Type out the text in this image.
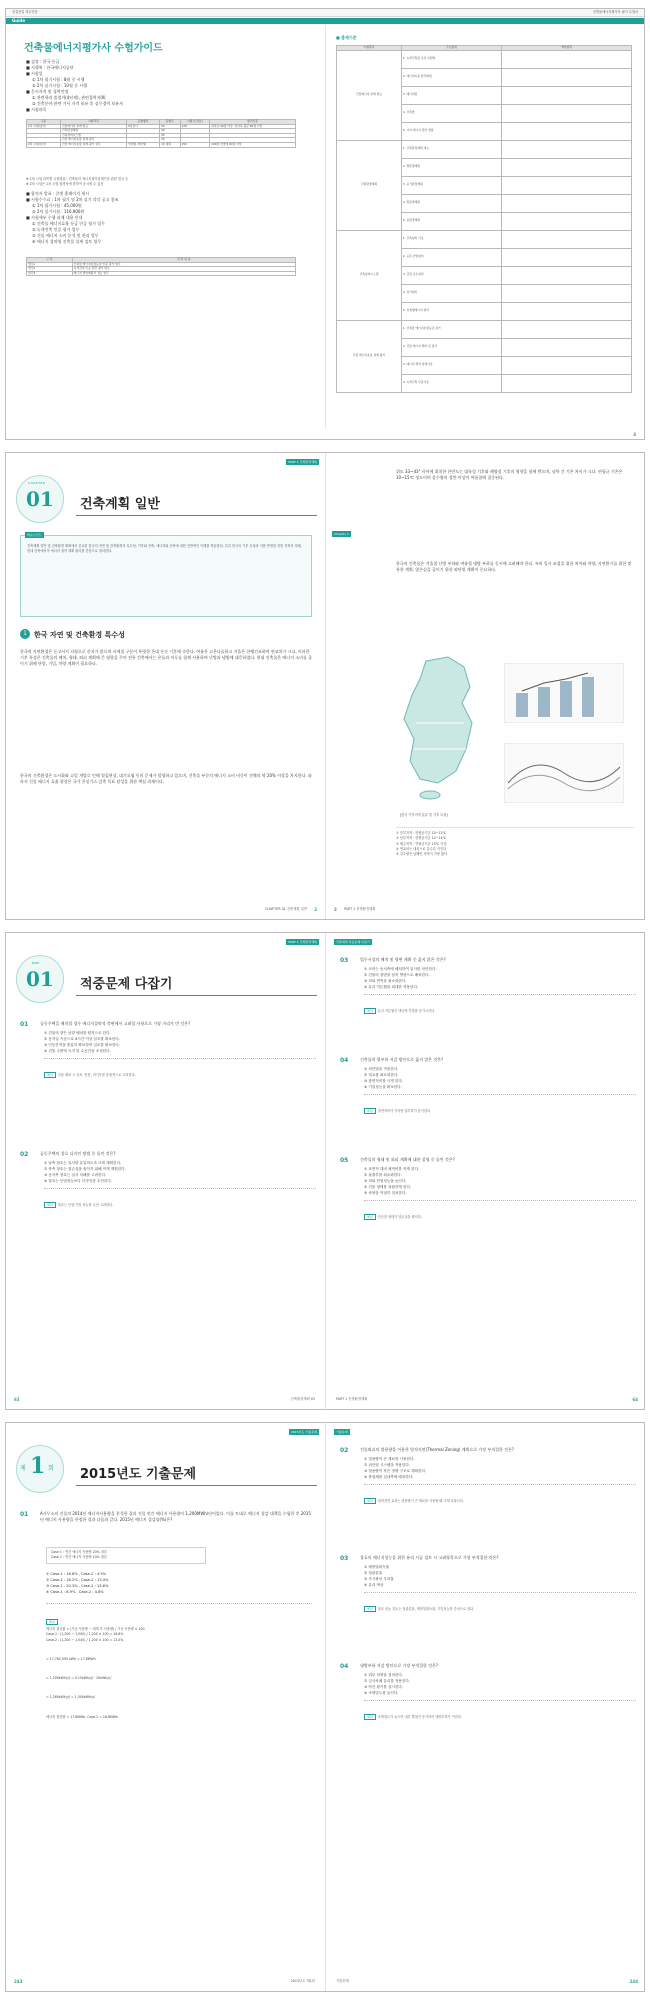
건설산업 직무인증	건축물에너지평가사 필기 수험서
Guide
건축물에너지평가사 수험가이드
■ 검정 : 한국 등급
■ 시행처 : 한국에너지공단
■ 시험일
① 1차 필기시험 : 8월 중 시행
② 2차 실기시험 : 10월 중 시행
■ 응시자격 및 경력인정
① 관련학과 졸업자(4년제), 관련경력자(Ⅱ)
② 건축분야 관련 기사 자격 보유 후 실무경력 보유자
■ 시험과목
구분	시험과목	문항형식	문항수	시험시간(분)	합격기준
1차 시험(필기)	건물에너지 관계 법규	4지선다	20	120	과목당 40점 이상, 전과목 평균 60점 이상
	건축환경계획		20		
	건축설비시스템		20		
	건물 에너지효율 설계·평가		20		
2차 시험(실기)	건물 에너지효율 설계·평가 실무	서술형, 계산형	10 내외	150	100점 만점에 60점 이상
※ 1차 시험 과목별 시험범위 : 건축물의 에너지절약설계기준 관련 법규 등
※ 2차 시험은 1차 시험 합격자에 한하여 응시할 수 있음
■ 합격자 발표 : 큐넷 홈페이지 게시
■ 시험수수료 : 1차 필기 및 2차 실기 각각 공고 참조
① 1차 필기시험 : 45,000원
② 2차 실기시험 : 116,900원
■ 시험세부 수행 과제 내용 안내
① 건축물 에너지효율 등급 인증 평가 업무
② 녹색건축 인증 평가 업무
③ 건물 에너지 소비 분석 및 관리 업무
④ 에너지 절약형 건축물 설계 검토 업무
구 분	관 련 내 용
업무1	건축물 에너지효율등급 인증 평가 업무
업무2	녹색건축 인증 관련 평가 업무
업무3	에너지 절약계획서 검토 업무
■ 출제기준
시험과목	주요항목	세부항목
건물에너지 관계 법규	1. 녹색건축물 조성 지원법	
	2. 에너지이용 합리화법	
	3. 에너지법	
	4. 건축법	
	5. 기타 에너지 관련 법령	
건축환경계획	1. 건축환경계획 개요	
	2. 열환경계획	
	3. 공기환경계획	
	4. 빛환경계획	
	5. 음환경계획	
건축설비시스템	1. 건축설비 기초	
	2. 공조·난방설비	
	3. 급탕·급수설비	
	4. 전기설비	
	5. 신재생에너지 설비	
건물 에너지효율 설계·평가	1. 건축물 에너지효율등급 평가	
	2. 건물 에너지 해석 및 평가	
	3. 에너지 절약 설계기준	
	4. 녹색건축 인증기준	
4
PART 1 건축환경계획
CHAPTER
01 건축계획 일반
학습포인트
건축계획 일반 및 건축환경 계획에서 중요한 한국의 자연 및 건축환경의 특수성, 기후와 건축, 에너지와 건축에 대한 전반적인 이해를 학습한다. 특히 한국의 기후 특성과 이를 반영한 전통 건축의 지혜, 현대 건축에서의 에너지 절약 계획 원리를 중심으로 정리한다.
1	한국 자연 및 건축환경 특수성
한국의 자연환경은 동고서저 지형으로 산지가 많으며 사계절 구분이 뚜렷한 온대 몬순 기후에 속한다. 여름은 고온다습하고 겨울은 한랭건조하며 연교차가 크다. 이러한 기후 특성은 건축물의 배치, 형태, 외피 계획에 큰 영향을 주며 전통 건축에서는 온돌과 마루를 함께 사용하여 난방과 냉방에 대응하였다. 현대 건축물은 에너지 소비를 줄이기 위해 단열, 기밀, 차양 계획이 필요하다.
한국의 건축환경은 도시화와 고밀 개발로 인해 열섬현상, 대기오염 등의 문제가 발생하고 있으며, 건축물 부문의 에너지 소비 비중이 전체의 약 20% 이상을 차지한다. 따라서 건물 에너지 효율 향상은 국가 온실가스 감축 목표 달성을 위한 핵심 과제이다.
CHAPTER 01 건축계획 일반 2
Chapter 1
위도 33~43° 사이에 위치한 한반도는 대륙성 기후와 해양성 기후의 영향을 함께 받으며, 남북 간 기온 차이가 크다. 연평균 기온은 10~15℃ 정도이며 강수량의 절반 이상이 여름철에 집중된다.
한국의 건축물은 겨울철 난방 부하와 여름철 냉방 부하를 동시에 고려해야 한다. 특히 일사 조절을 위한 처마와 차양, 자연환기를 위한 맞통풍 계획, 열손실을 줄이기 위한 외단열 계획이 중요하다.
[한국 기후지역 분류 및 기후 특성]
① 중부지역 : 연평균기온 10~12℃
② 남부지역 : 연평균기온 12~14℃
③ 제주지역 : 연평균기온 15℃ 이상
④ 연교차는 내륙으로 갈수록 커진다
⑤ 강수량은 남해안 지역이 가장 많다
3 PART 1 건축환경계획
PART 1 건축환경계획
PART
01 적중문제 다잡기
01	공동주택을 배치할 경우 에너지절약적 측면에서 고려할 사항으로 가장 거리가 먼 것은?
① 건물의 향은 남향 배치를 원칙으로 한다.
② 동지일 기준으로 4시간 이상 일조를 확보한다.
③ 인동간격을 충분히 확보하여 일조를 확보한다.
④ 건물 주변에 녹지 및 수공간을 조성한다.
해설 건물 배치 시 일조, 통풍, 미기후를 종합적으로 고려한다.
02	공동주택의 창호 디자인 방법 중 틀린 것은?
① 남측 창호는 일사를 유입하도록 크게 계획한다.
② 북측 창호는 열손실을 줄이기 위해 작게 계획한다.
③ 동서측 창호는 일사 차폐를 고려한다.
④ 창호는 단열성능보다 디자인을 우선한다.
해설 창호는 단열·기밀 성능을 우선 고려한다.
63	건축환경계획 03
건축계획 적중문제 다잡기
03	업무시설의 배치 및 평면 계획 중 옳지 않은 것은?
① 코어는 동서측에 배치하여 일사를 차단한다.
② 건물의 장변을 남북 방향으로 배치한다.
③ 외피 면적을 최소화한다.
④ 유리 커튼월을 최대한 적용한다.
해설 유리 커튼월은 냉난방 부하를 증가시킨다.
04	건축물의 열부하 저감 방안으로 옳지 않은 것은?
① 외단열을 적용한다.
② 열교를 최소화한다.
③ 창면적비를 크게 한다.
④ 기밀성능을 확보한다.
해설 창면적비가 커지면 열부하가 증가한다.
05	건축물의 형태 및 외피 계획에 대한 설명 중 틀린 것은?
① 표면적 대비 체적비를 작게 한다.
② 돌출부를 최소화한다.
③ 외피 단열성능을 높인다.
④ 건물 형태를 복잡하게 한다.
⑤ 차양을 적절히 설치한다.
해설 단순한 형태가 열손실을 줄인다.
PART 1 건축환경계획	64
2015년도 기출문제
제 1 회 2015년도 기출문제
01	A사무소의 건물의 2014년 에너지사용량을 분석한 결과 건물 연간 에너지 사용량이 1,200MWh/년이었다. 이를 토대로 에너지 절감 대책을 수립한 후 2015년 에너지 사용량을 산정한 결과 다음과 같다. 2015년 에너지 절감률(%)은?
Case 1 : 연간 에너지 사용량 20% 절감
Case 2 : 연간 에너지 사용량 10% 절감
① Case-1 : 16.8% , Case-2 : 4.5%
② Case-1 : 18.2% , Case-2 : 13.4%
③ Case-1 : 20.3% , Case-2 : 13.6%
④ Case-1 : 8.9% , Case-2 : 4.8%
해설
에너지 절감률 = (기준 사용량 − 대책 후 사용량) / 기준 사용량 × 100
Case-1 : (1,200 − 1,000) / 1,200 × 100 = 16.8%
Case-2 : (1,200 − 1,040) / 1,200 × 100 = 13.4%
= 17,762,500 kWh = 17.8MWh
= 1,200kWh/㎡ = 0.15kWh/㎡ · 20kWh/㎡
= 1,260kWh/㎡ = 1,500kWh/㎡
에너지 절감량 = 17.8MWh, Case-2 = 16.8MWh
243	2015년도 제1회
기출문제
02	건물외피의 열용량을 이용한 열적지연(Thermal Zoning) 계획으로 가장 부적절한 것은?
① 열용량이 큰 재료를 사용한다.
② 외단열 시스템을 적용한다.
③ 열용량이 작은 경량 구조로 계획한다.
④ 축열체를 실내측에 배치한다.
해설 열적지연 효과는 열용량이 큰 재료를 사용할 때 크게 나타난다.
03	창호의 에너지성능을 위한 유리 시공 검토 시 고려항목으로 가장 부적절한 것은?
① 태양열취득률
② 열관류율
③ 가시광선 투과율
④ 유리 색상
해설 창호 성능 검토는 열관류율, 태양열취득률, 기밀성능을 중심으로 한다.
04	냉방부하 저감 방안으로 가장 부적절한 것은?
① 외부 차양을 설치한다.
② 일사차폐 유리를 적용한다.
③ 야간 환기를 실시한다.
④ 조명밀도를 높인다.
해설 조명밀도가 높으면 내부 발열이 증가하여 냉방부하가 커진다.
기출문제	244
